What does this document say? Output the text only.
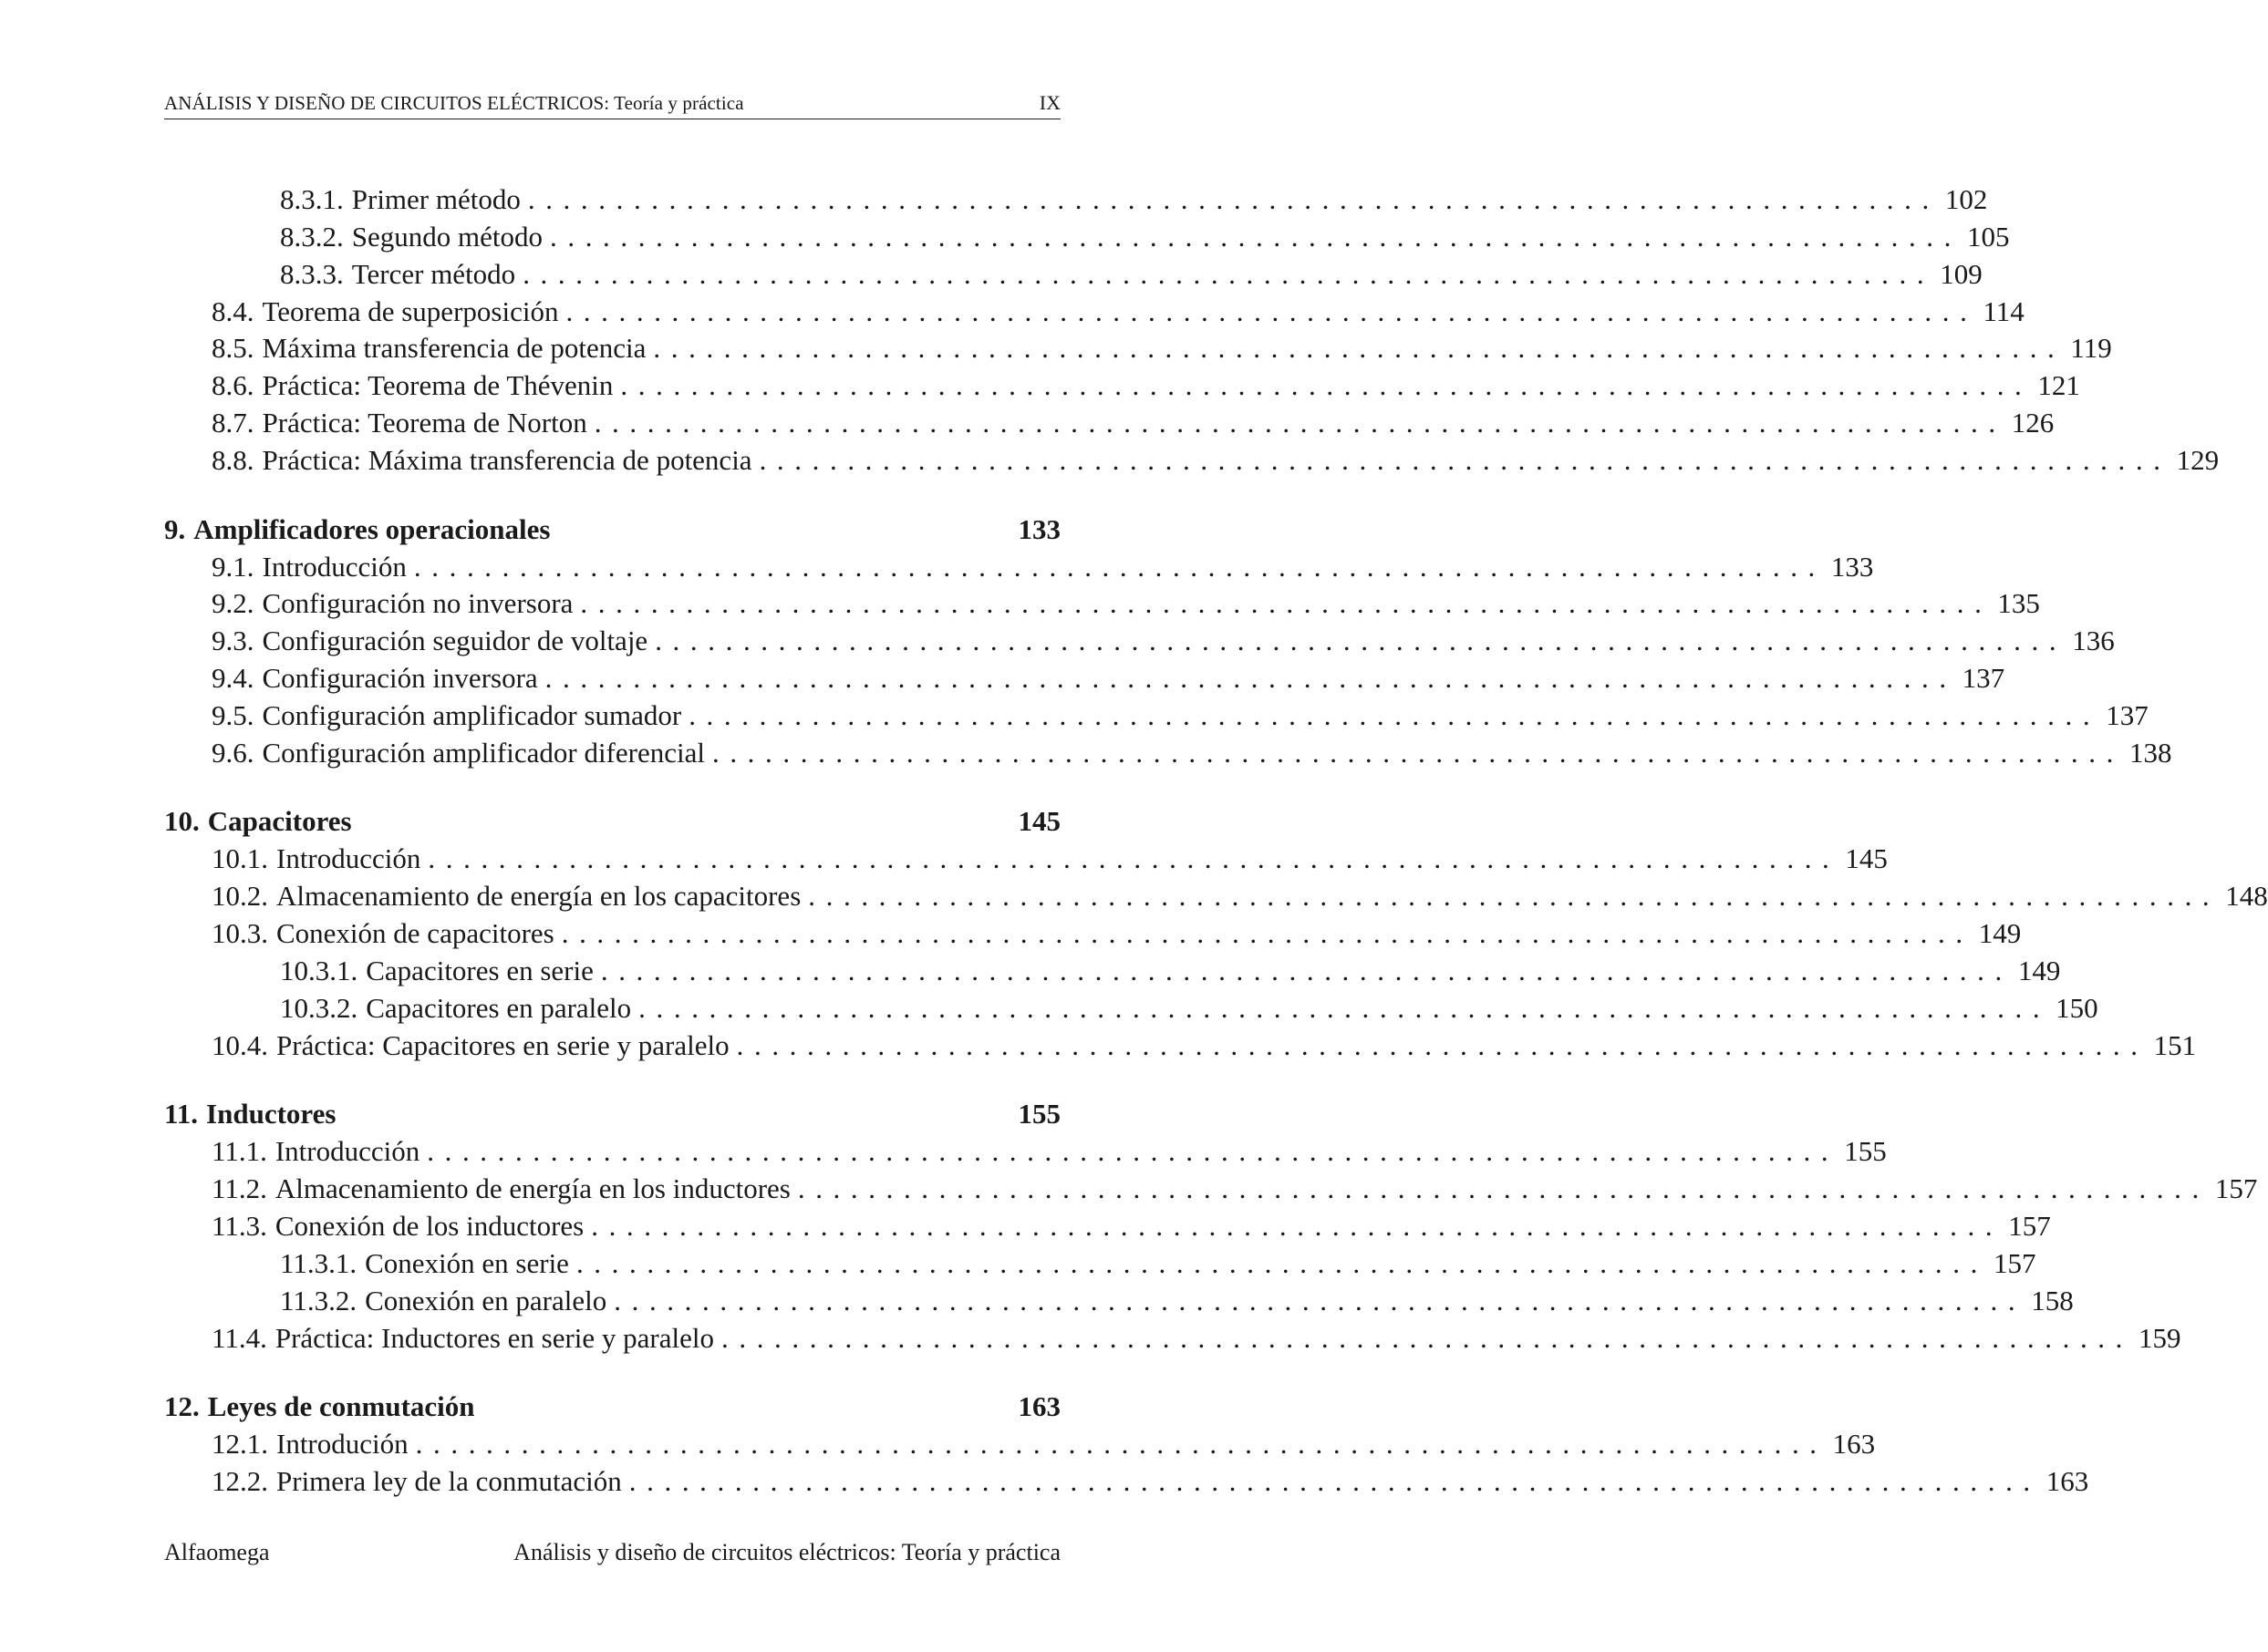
ANÁLISIS Y DISEÑO DE CIRCUITOS ELÉCTRICOS: Teoría y práctica	IX
8.3.1. Primer método ................................................................................ 102
8.3.2. Segundo método ................................................................................ 105
8.3.3. Tercer método ................................................................................ 109
8.4. Teorema de superposición ................................................................................ 114
8.5. Máxima transferencia de potencia ................................................................................ 119
8.6. Práctica: Teorema de Thévenin ................................................................................ 121
8.7. Práctica: Teorema de Norton ................................................................................ 126
8.8. Práctica: Máxima transferencia de potencia ................................................................................ 129
9. Amplificadores operacionales	133
9.1. Introducción ................................................................................ 133
9.2. Configuración no inversora ................................................................................ 135
9.3. Configuración seguidor de voltaje ................................................................................ 136
9.4. Configuración inversora ................................................................................ 137
9.5. Configuración amplificador sumador ................................................................................ 137
9.6. Configuración amplificador diferencial ................................................................................ 138
10. Capacitores	145
10.1. Introducción ................................................................................ 145
10.2. Almacenamiento de energía en los capacitores ................................................................................ 148
10.3. Conexión de capacitores ................................................................................ 149
10.3.1. Capacitores en serie ................................................................................ 149
10.3.2. Capacitores en paralelo ................................................................................ 150
10.4. Práctica: Capacitores en serie y paralelo ................................................................................ 151
11. Inductores	155
11.1. Introducción ................................................................................ 155
11.2. Almacenamiento de energía en los inductores ................................................................................ 157
11.3. Conexión de los inductores ................................................................................ 157
11.3.1. Conexión en serie ................................................................................ 157
11.3.2. Conexión en paralelo ................................................................................ 158
11.4. Práctica: Inductores en serie y paralelo ................................................................................ 159
12. Leyes de conmutación	163
12.1. Introdución ................................................................................ 163
12.2. Primera ley de la conmutación ................................................................................ 163
Alfaomega	Análisis y diseño de circuitos eléctricos: Teoría y práctica
